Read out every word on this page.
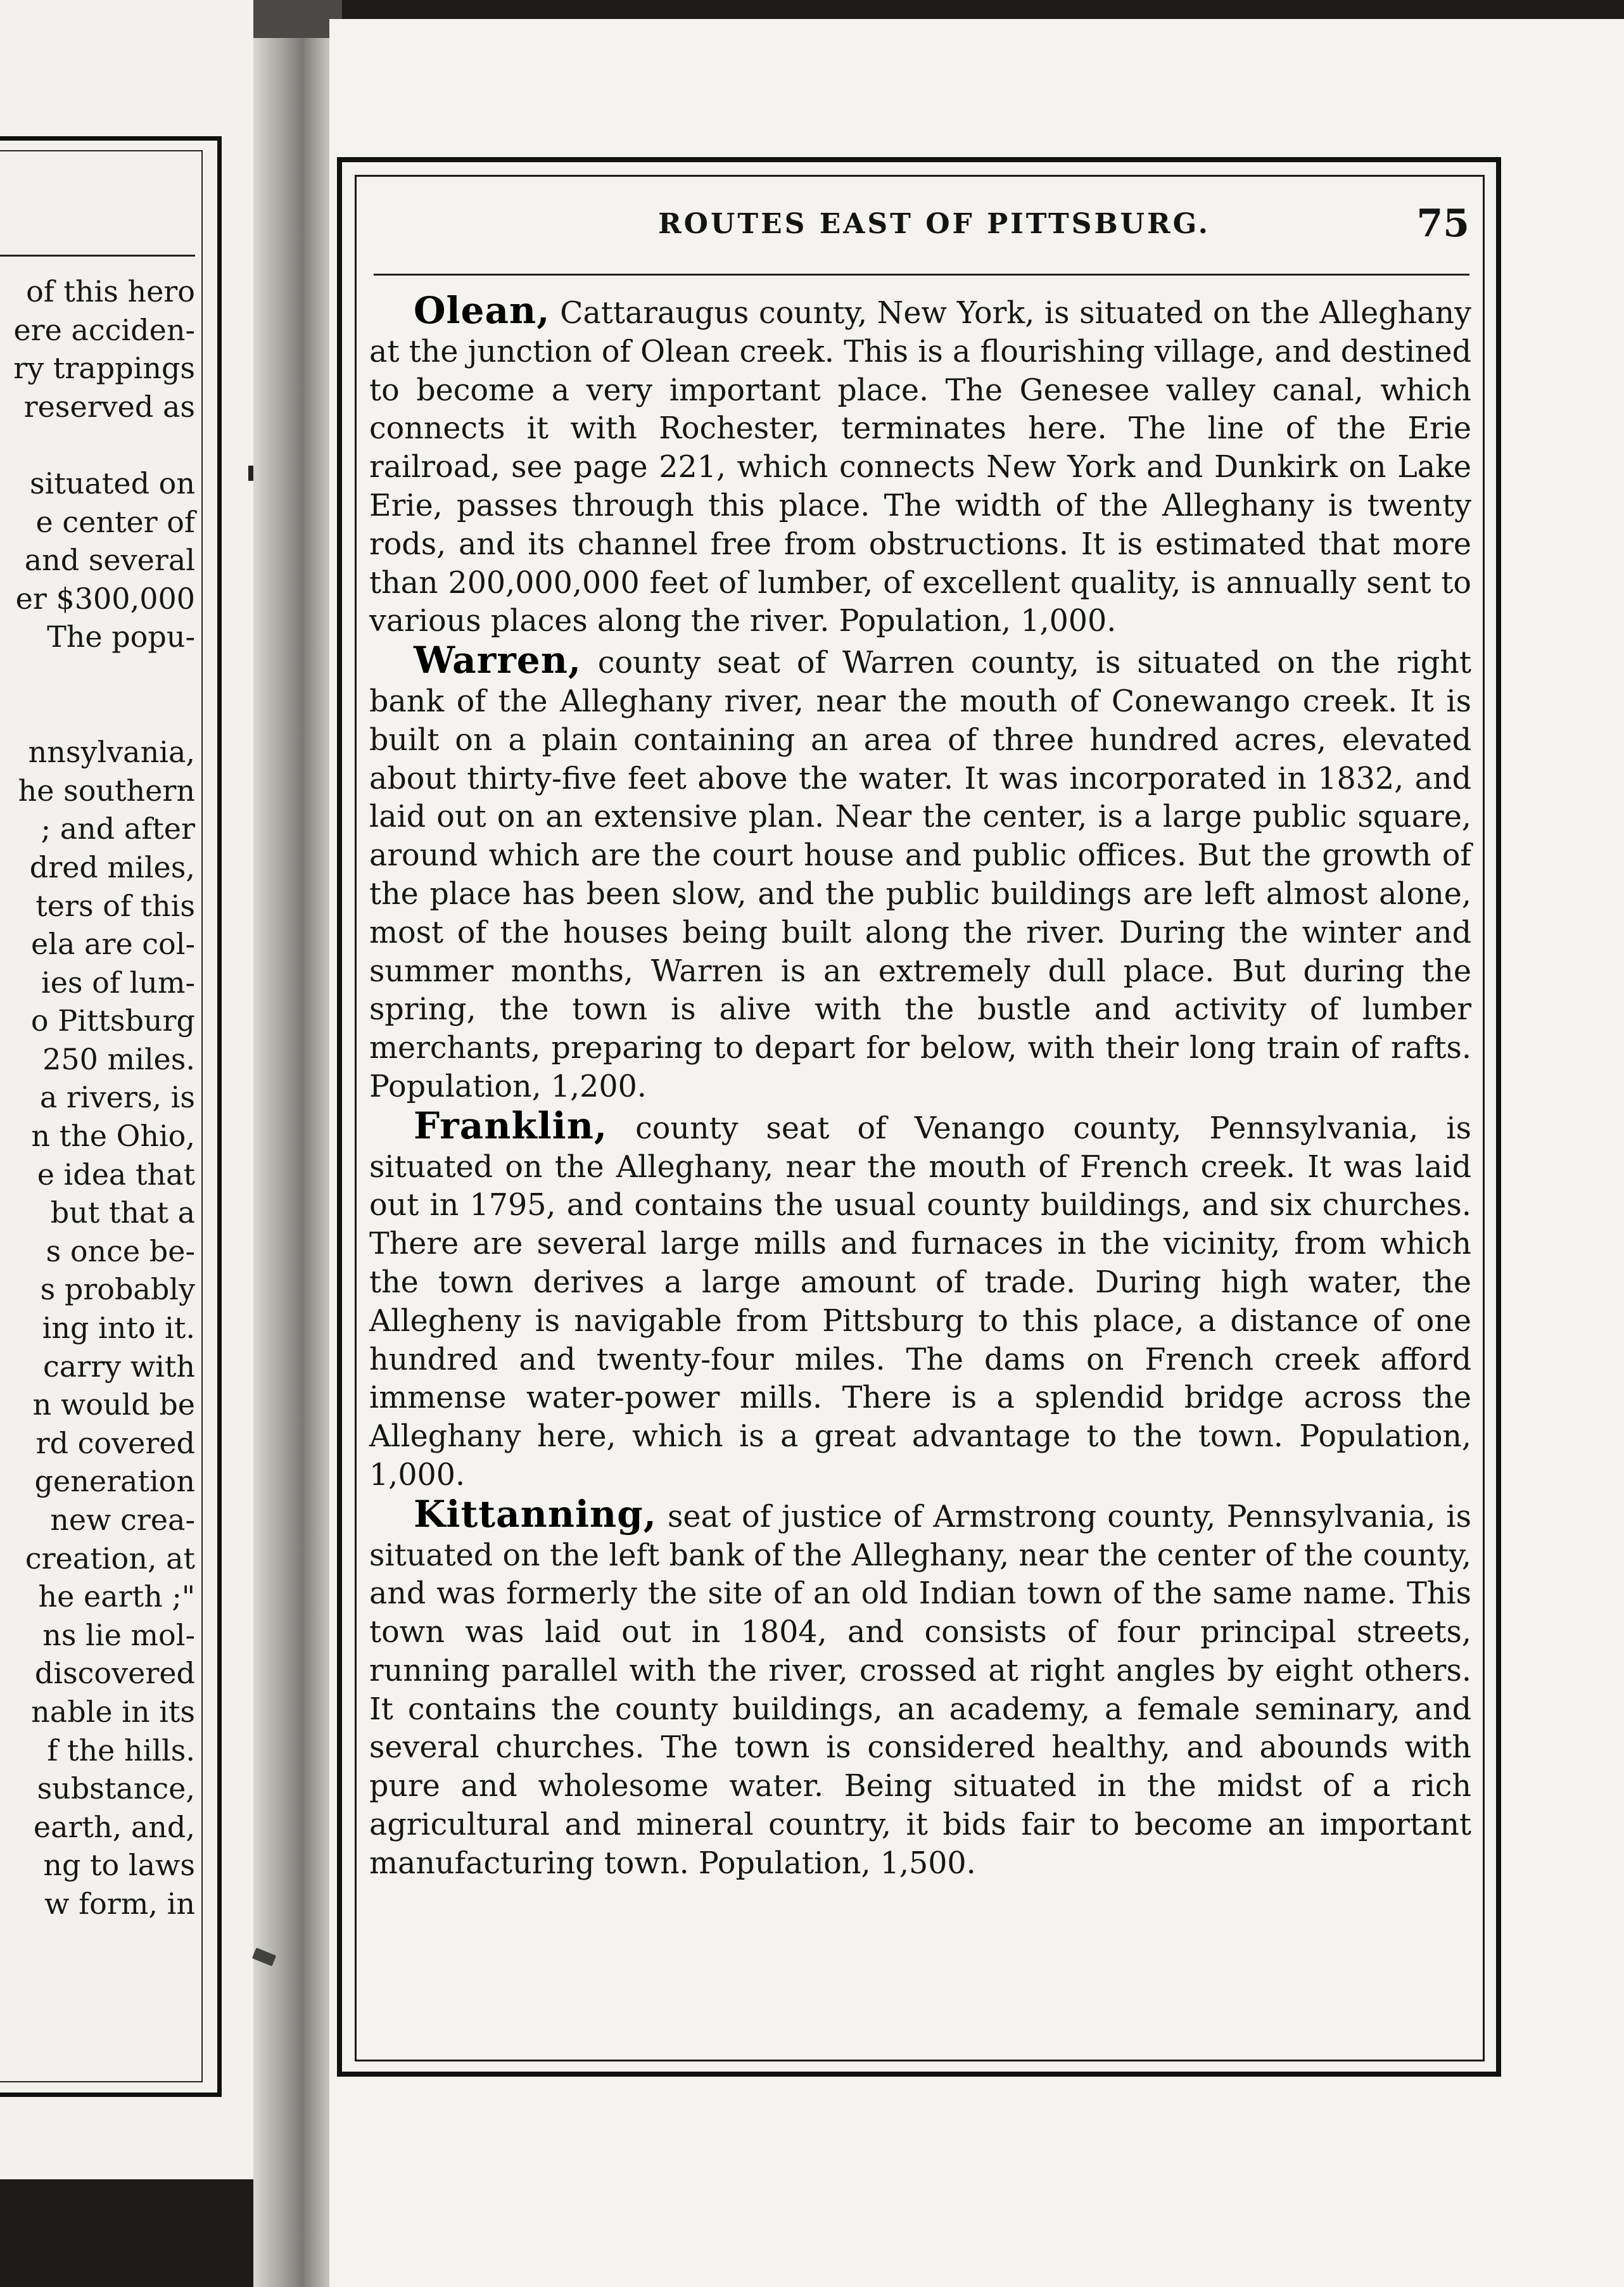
of this hero
ere acciden-
ry trappings
reserved as
situated on
e center of
and several
er $300,000
The popu-
nnsylvania,
he southern
; and after
dred miles,
ters of this
ela are col-
ies of lum-
o Pittsburg
250 miles.
a rivers, is
n the Ohio,
e idea that
but that a
s once be-
s probably
ing into it.
carry with
n would be
rd covered
generation
new crea-
creation, at
he earth ;"
ns lie mol-
discovered
nable in its
f the hills.
substance,
earth, and,
ng to laws
w form, in
ROUTES EAST OF PITTSBURG.	75

Olean, Cattaraugus county, New York, is situated on the Alleghany at the junction of Olean creek. This is a flourishing village, and destined to become a very important place. The Genesee valley canal, which connects it with Rochester, terminates here. The line of the Erie railroad, see page 221, which connects New York and Dunkirk on Lake Erie, passes through this place. The width of the Alleghany is twenty rods, and its channel free from obstructions. It is estimated that more than 200,000,000 feet of lumber, of excellent quality, is annually sent to various places along the river. Population, 1,000.

Warren, county seat of Warren county, is situated on the right bank of the Alleghany river, near the mouth of Conewango creek. It is built on a plain containing an area of three hundred acres, elevated about thirty-five feet above the water. It was incorporated in 1832, and laid out on an extensive plan. Near the center, is a large public square, around which are the court house and public offices. But the growth of the place has been slow, and the public buildings are left almost alone, most of the houses being built along the river. During the winter and summer months, Warren is an extremely dull place. But during the spring, the town is alive with the bustle and activity of lumber merchants, preparing to depart for below, with their long train of rafts. Population, 1,200.

Franklin, county seat of Venango county, Pennsylvania, is situated on the Alleghany, near the mouth of French creek. It was laid out in 1795, and contains the usual county buildings, and six churches. There are several large mills and furnaces in the vicinity, from which the town derives a large amount of trade. During high water, the Allegheny is navigable from Pittsburg to this place, a distance of one hundred and twenty-four miles. The dams on French creek afford immense water-power mills. There is a splendid bridge across the Alleghany here, which is a great advantage to the town. Population, 1,000.

Kittanning, seat of justice of Armstrong county, Pennsylvania, is situated on the left bank of the Alleghany, near the center of the county, and was formerly the site of an old Indian town of the same name. This town was laid out in 1804, and consists of four principal streets, running parallel with the river, crossed at right angles by eight others. It contains the county buildings, an academy, a female seminary, and several churches. The town is considered healthy, and abounds with pure and wholesome water. Being situated in the midst of a rich agricultural and mineral country, it bids fair to become an important manufacturing town. Population, 1,500.
